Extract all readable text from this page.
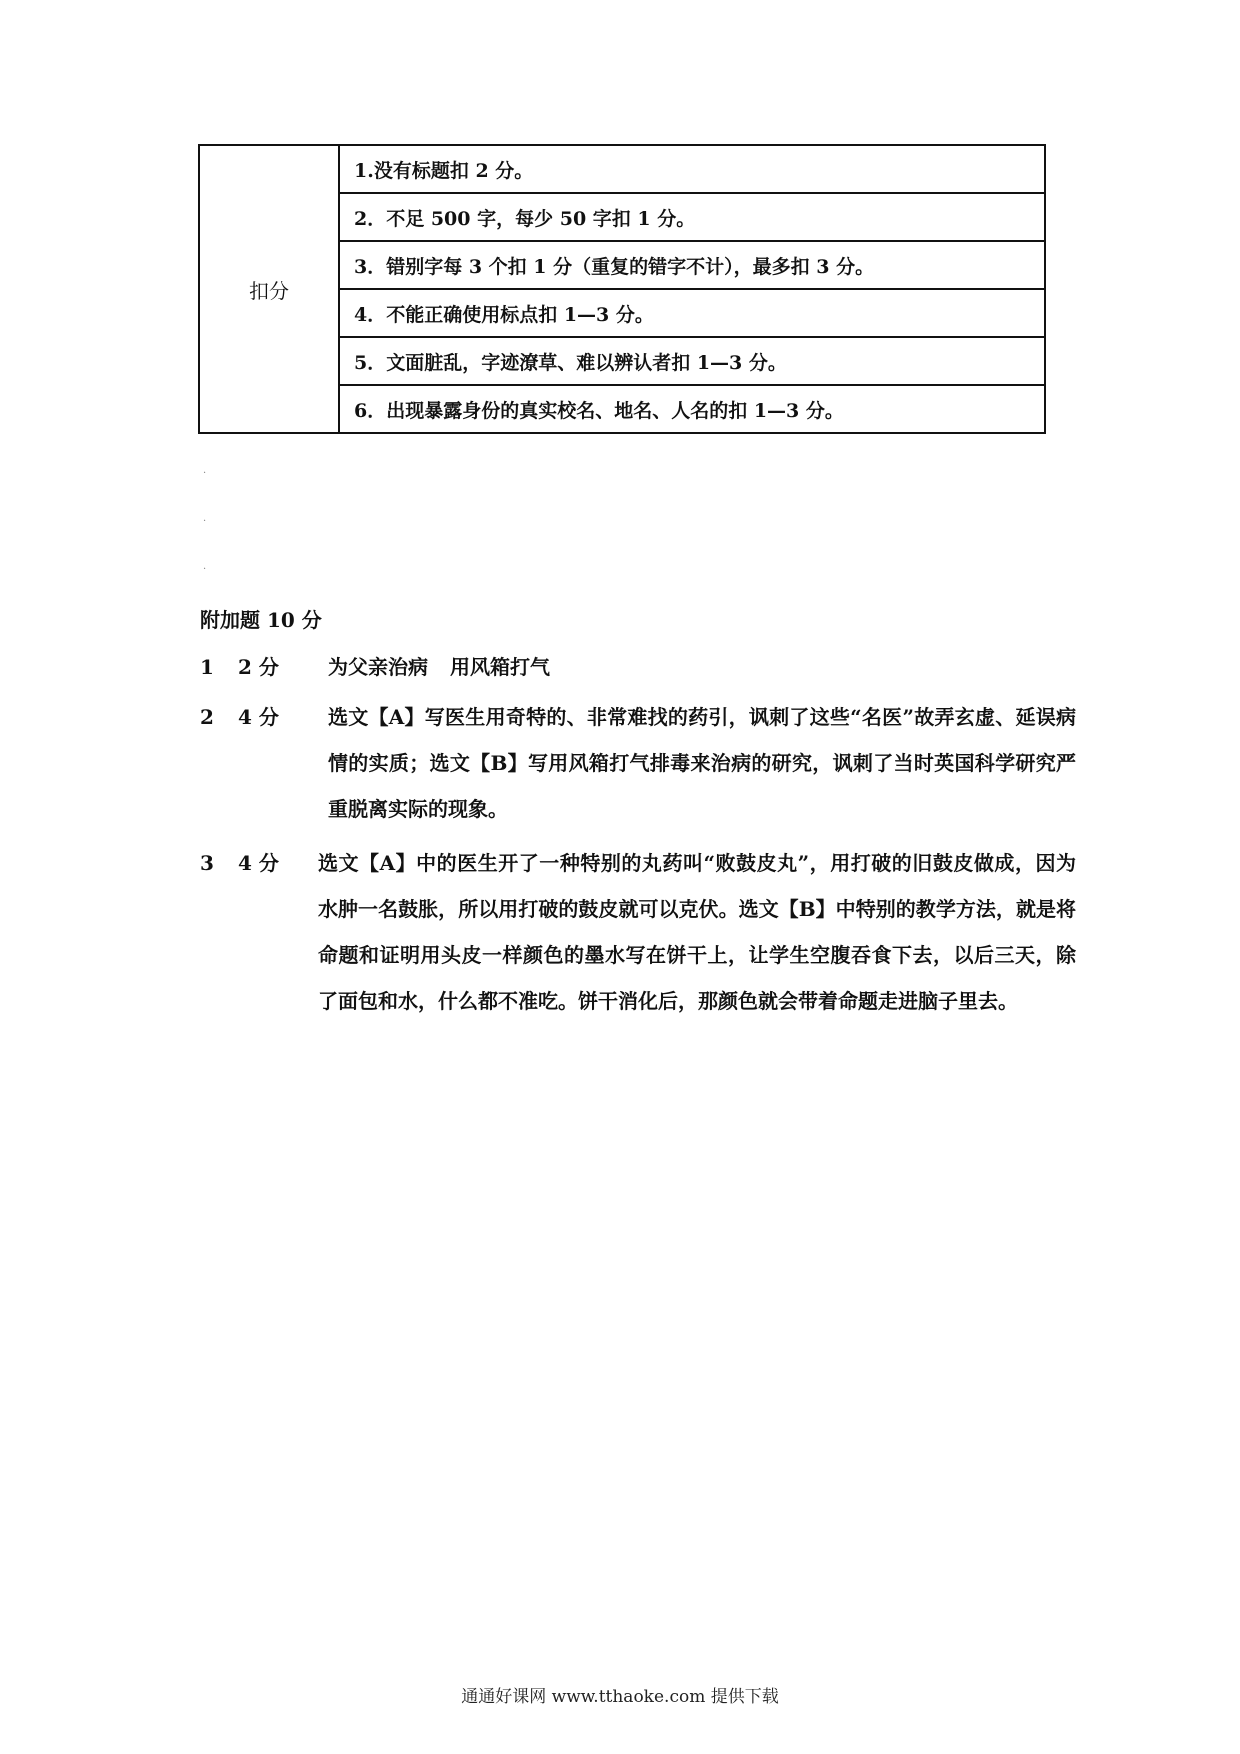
扣分	1.没有标题扣 2 分。
2．不足 500 字，每少 50 字扣 1 分。
3．错别字每 3 个扣 1 分（重复的错字不计），最多扣 3 分。
4．不能正确使用标点扣 1—3 分。
5．文面脏乱，字迹潦草、难以辨认者扣 1—3 分。
6．出现暴露身份的真实校名、地名、人名的扣 1—3 分。
·
·
·
附加题 10 分
1	2 分 为父亲治病 用风箱打气
2	4 分 选文【A】写医生用奇特的、非常难找的药引，讽刺了这些“名医”故弄玄虚、延误病情的实质；选文【B】写用风箱打气排毒来治病的研究，讽刺了当时英国科学研究严重脱离实际的现象。
3	4 分 选文【A】中的医生开了一种特别的丸药叫“败鼓皮丸”，用打破的旧鼓皮做成，因为水肿一名鼓胀，所以用打破的鼓皮就可以克伏。选文【B】中特别的教学方法，就是将命题和证明用头皮一样颜色的墨水写在饼干上，让学生空腹吞食下去，以后三天，除了面包和水，什么都不准吃。饼干消化后，那颜色就会带着命题走进脑子里去。
通通好课网 www.tthaoke.com 提供下载
